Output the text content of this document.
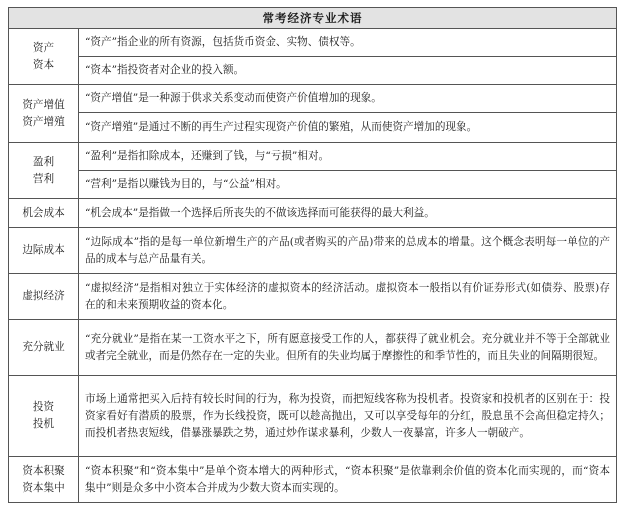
常考经济专业术语	

资产
资本	“资产”指企业的所有资源，包括货币资金、实物、债权等。
	“资本”指投资者对企业的投入额。

资产增值
资产增殖	“资产增值”是一种源于供求关系变动而使资产价值增加的现象。
	“资产增殖”是通过不断的再生产过程实现资产价值的繁殖，从而使资产增加的现象。

盈利
营利	“盈利”是指扣除成本，还赚到了钱，与“亏损”相对。
	“营利”是指以赚钱为目的，与“公益”相对。

机会成本	“机会成本”是指做一个选择后所丧失的不做该选择而可能获得的最大利益。

边际成本	“边际成本”指的是每一单位新增生产的产品(或者购买的产品)带来的总成本的增量。这个概念表明每一单位的产品的成本与总产品量有关。

虚拟经济	“虚拟经济”是指相对独立于实体经济的虚拟资本的经济活动。虚拟资本一般指以有价证券形式(如债券、股票)存在的和未来预期收益的资本化。

充分就业	“充分就业”是指在某一工资水平之下，所有愿意接受工作的人，都获得了就业机会。充分就业并不等于全部就业或者完全就业，而是仍然存在一定的失业。但所有的失业均属于摩擦性的和季节性的，而且失业的间隔期很短。

投资
投机	市场上通常把买入后持有较长时间的行为，称为投资，而把短线客称为投机者。投资家和投机者的区别在于：投资家看好有潜质的股票，作为长线投资，既可以趁高抛出，又可以享受每年的分红，股息虽不会高但稳定持久；而投机者热衷短线，借暴涨暴跌之势，通过炒作谋求暴利，少数人一夜暴富，许多人一朝破产。

资本积聚
资本集中	“资本积聚”和“资本集中”是单个资本增大的两种形式，“资本积聚”是依靠剩余价值的资本化而实现的，而“资本集中”则是众多中小资本合并成为少数大资本而实现的。
